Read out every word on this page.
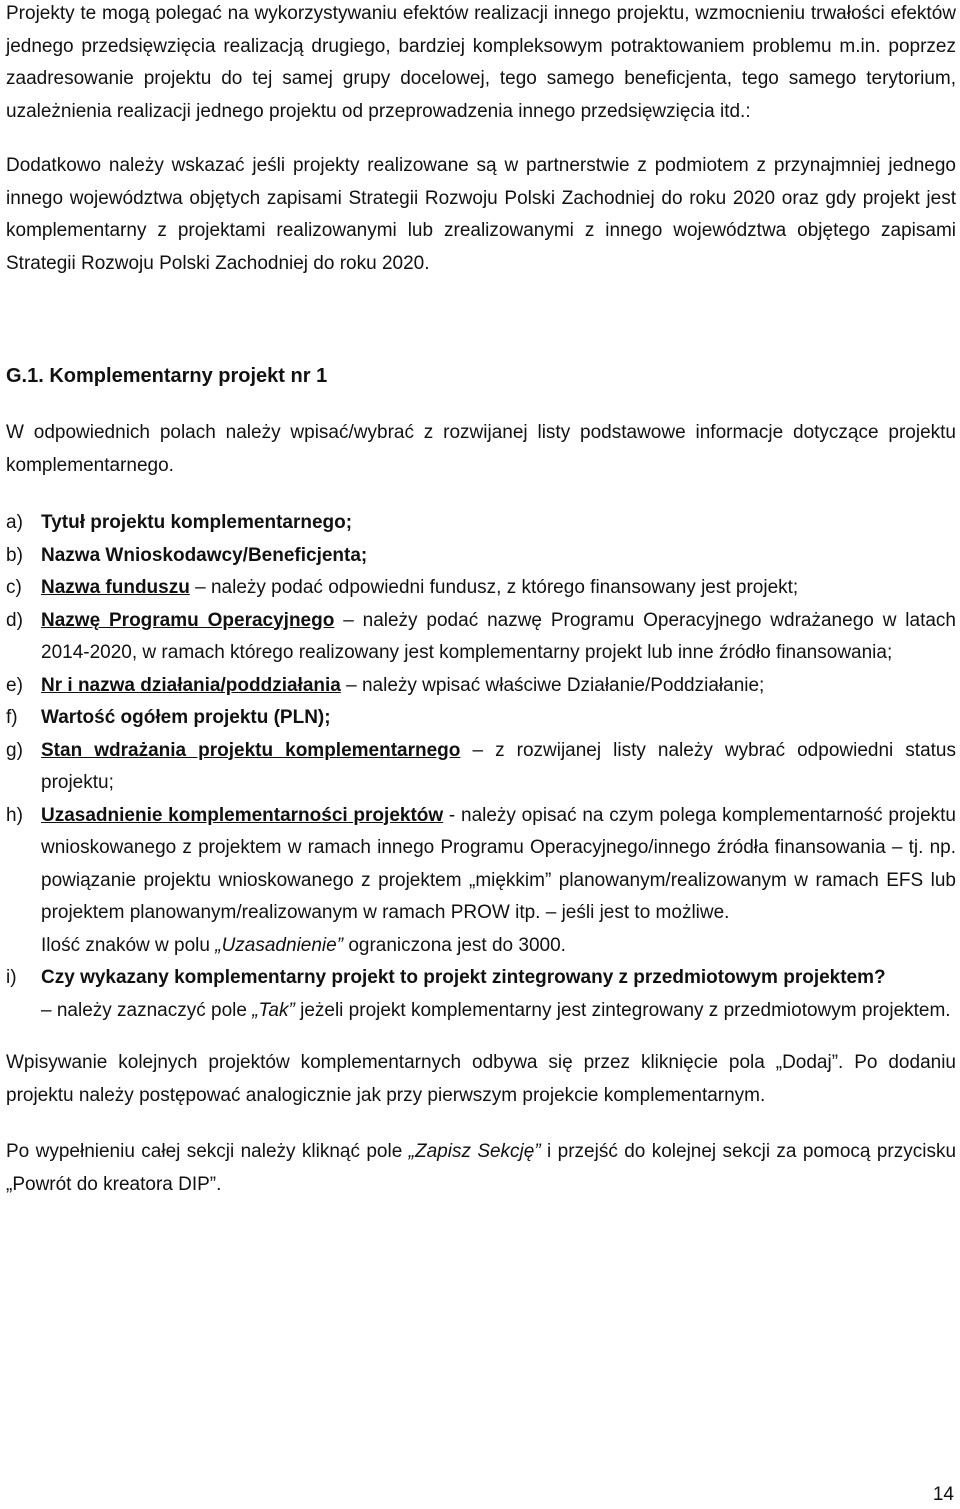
Projekty te mogą polegać na wykorzystywaniu efektów realizacji innego projektu, wzmocnieniu trwałości efektów jednego przedsięwzięcia realizacją drugiego, bardziej kompleksowym potraktowaniem problemu m.in. poprzez zaadresowanie projektu do tej samej grupy docelowej, tego samego beneficjenta, tego samego terytorium, uzależnienia realizacji jednego projektu od przeprowadzenia innego przedsięwzięcia itd.:

Dodatkowo należy wskazać jeśli projekty realizowane są w partnerstwie z podmiotem z przynajmniej jednego innego województwa objętych zapisami Strategii Rozwoju Polski Zachodniej do roku 2020 oraz gdy projekt jest komplementarny z projektami realizowanymi lub zrealizowanymi z innego województwa objętego zapisami Strategii Rozwoju Polski Zachodniej do roku 2020.

G.1. Komplementarny projekt nr 1

W odpowiednich polach należy wpisać/wybrać z rozwijanej listy podstawowe informacje dotyczące projektu komplementarnego.

a) Tytuł projektu komplementarnego;
b) Nazwa Wnioskodawcy/Beneficjenta;
c) Nazwa funduszu – należy podać odpowiedni fundusz, z którego finansowany jest projekt;
d) Nazwę Programu Operacyjnego – należy podać nazwę Programu Operacyjnego wdrażanego w latach 2014-2020, w ramach którego realizowany jest komplementarny projekt lub inne źródło finansowania;
e) Nr i nazwa działania/poddziałania – należy wpisać właściwe Działanie/Poddziałanie;
f) Wartość ogółem projektu (PLN);
g) Stan wdrażania projektu komplementarnego – z rozwijanej listy należy wybrać odpowiedni status projektu;
h) Uzasadnienie komplementarności projektów - należy opisać na czym polega komplementarność projektu wnioskowanego z projektem w ramach innego Programu Operacyjnego/innego źródła finansowania – tj. np. powiązanie projektu wnioskowanego z projektem „miękkim” planowanym/realizowanym w ramach EFS lub projektem planowanym/realizowanym w ramach PROW itp. – jeśli jest to możliwe.
Ilość znaków w polu „Uzasadnienie” ograniczona jest do 3000.
i) Czy wykazany komplementarny projekt to projekt zintegrowany z przedmiotowym projektem?
– należy zaznaczyć pole „Tak” jeżeli projekt komplementarny jest zintegrowany z przedmiotowym projektem.

Wpisywanie kolejnych projektów komplementarnych odbywa się przez kliknięcie pola „Dodaj”. Po dodaniu projektu należy postępować analogicznie jak przy pierwszym projekcie komplementarnym.

Po wypełnieniu całej sekcji należy kliknąć pole „Zapisz Sekcję” i przejść do kolejnej sekcji za pomocą przycisku „Powrót do kreatora DIP”.

14
